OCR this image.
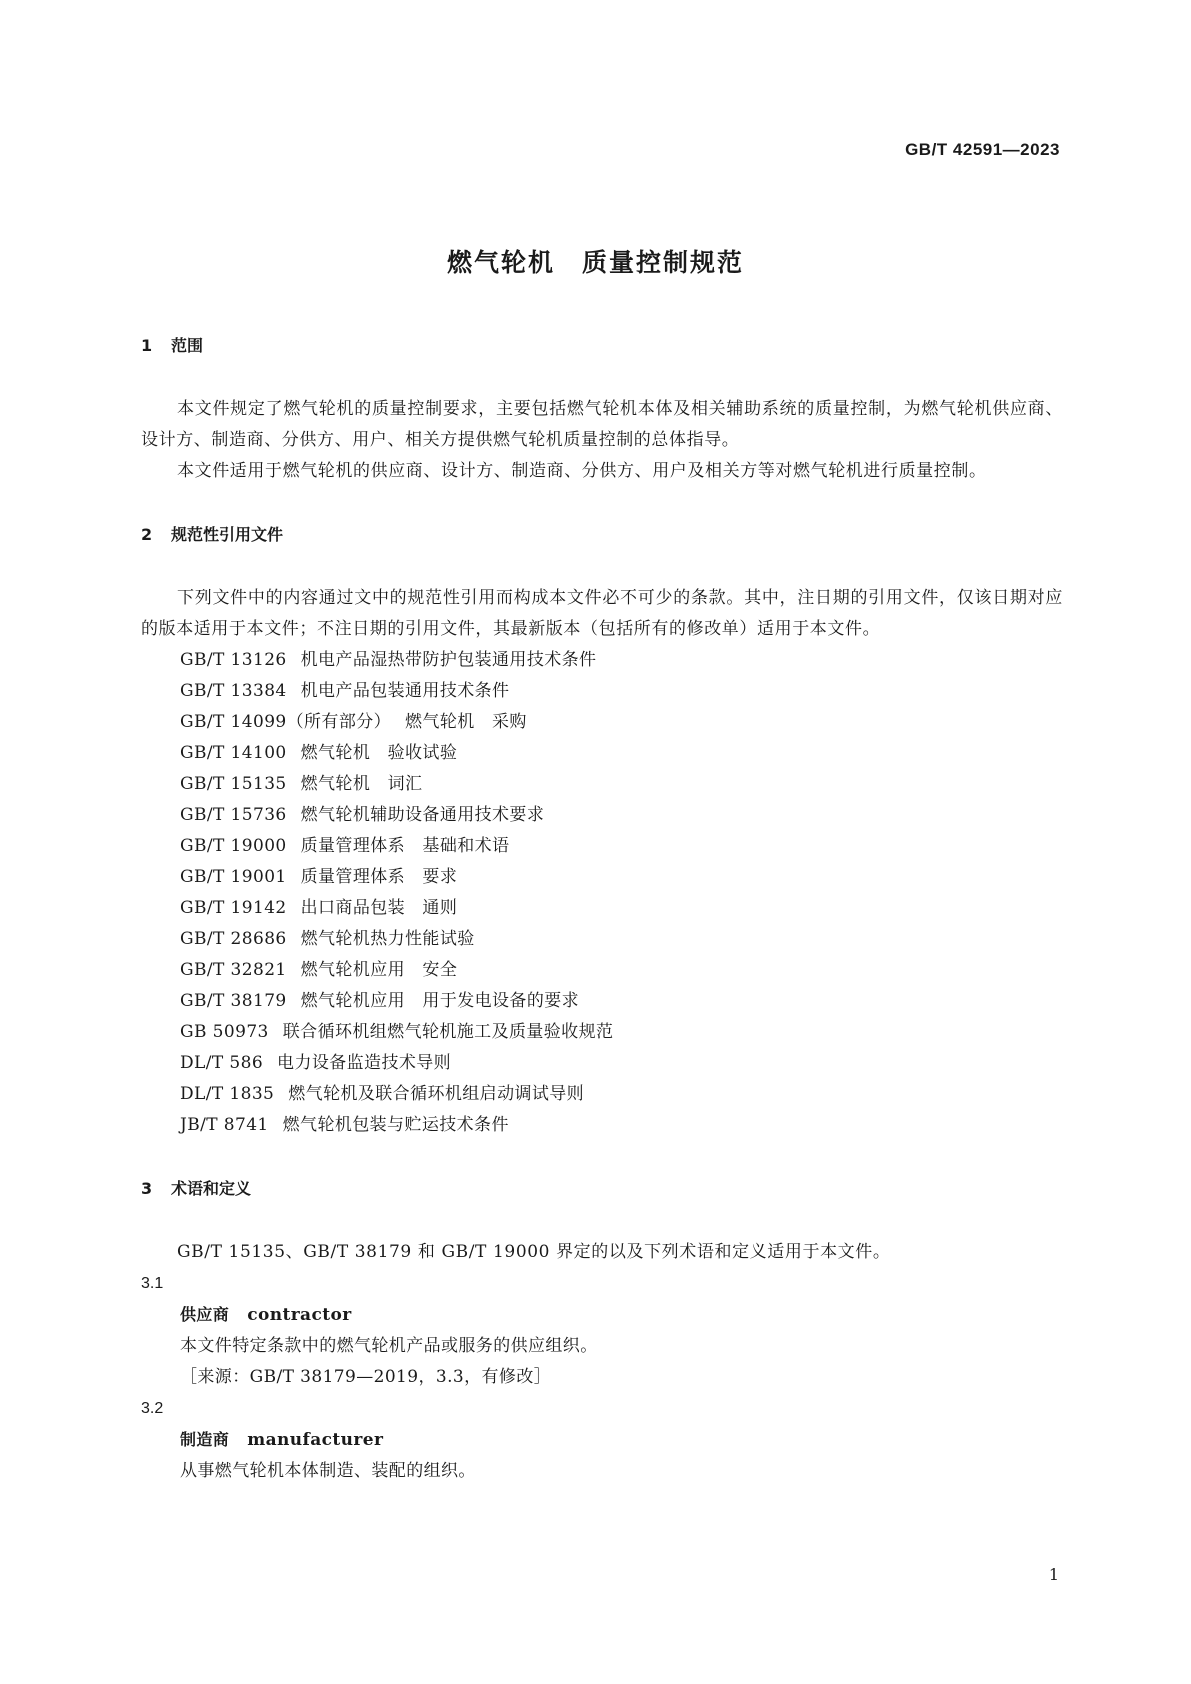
GB/T 42591—2023
燃气轮机　质量控制规范
1 范围

本文件规定了燃气轮机的质量控制要求，主要包括燃气轮机本体及相关辅助系统的质量控制，为燃气轮机供应商、设计方、制造商、分供方、用户、相关方提供燃气轮机质量控制的总体指导。

本文件适用于燃气轮机的供应商、设计方、制造商、分供方、用户及相关方等对燃气轮机进行质量控制。

2 规范性引用文件

下列文件中的内容通过文中的规范性引用而构成本文件必不可少的条款。其中，注日期的引用文件，仅该日期对应的版本适用于本文件；不注日期的引用文件，其最新版本（包括所有的修改单）适用于本文件。

GB/T 13126 机电产品湿热带防护包装通用技术条件
GB/T 13384 机电产品包装通用技术条件
GB/T 14099（所有部分） 燃气轮机　采购
GB/T 14100 燃气轮机　验收试验
GB/T 15135 燃气轮机　词汇
GB/T 15736 燃气轮机辅助设备通用技术要求
GB/T 19000 质量管理体系　基础和术语
GB/T 19001 质量管理体系　要求
GB/T 19142 出口商品包装　通则
GB/T 28686 燃气轮机热力性能试验
GB/T 32821 燃气轮机应用　安全
GB/T 38179 燃气轮机应用　用于发电设备的要求
GB 50973 联合循环机组燃气轮机施工及质量验收规范
DL/T 586 电力设备监造技术导则
DL/T 1835 燃气轮机及联合循环机组启动调试导则
JB/T 8741 燃气轮机包装与贮运技术条件
3 术语和定义

GB/T 15135、GB/T 38179 和 GB/T 19000 界定的以及下列术语和定义适用于本文件。

3.1

供应商 contractor

本文件特定条款中的燃气轮机产品或服务的供应组织。

［来源：GB/T 38179—2019，3.3，有修改］

3.2

制造商 manufacturer

从事燃气轮机本体制造、装配的组织。

1
